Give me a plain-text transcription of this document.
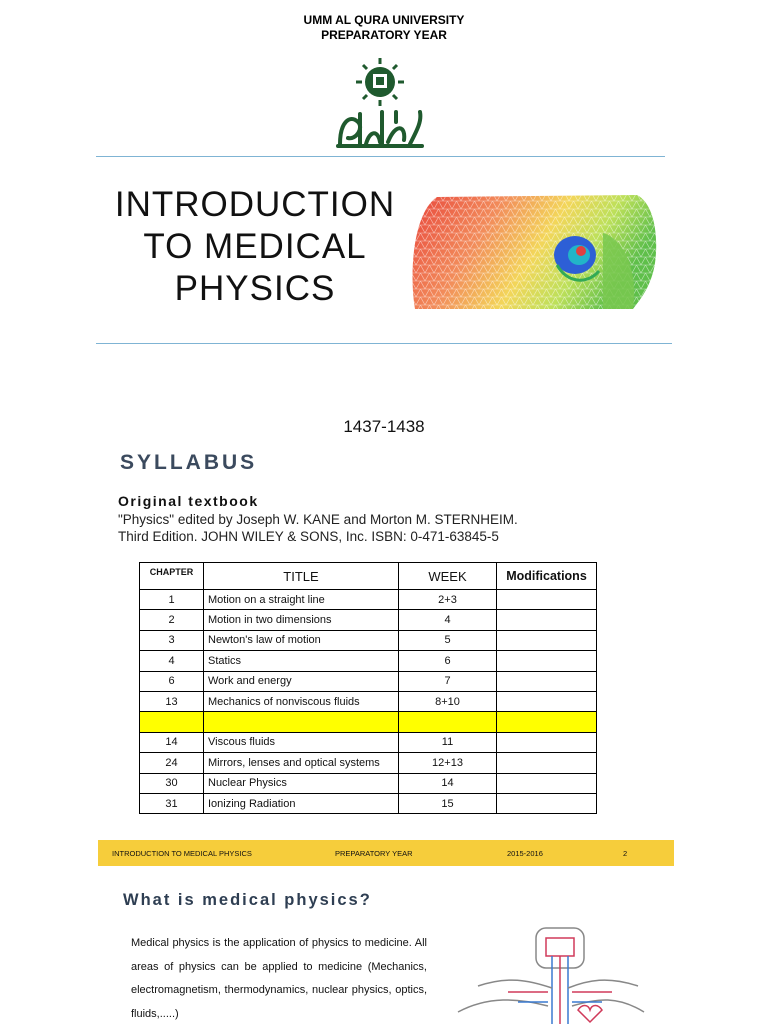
UMM AL QURA UNIVERSITY
PREPARATORY YEAR
INTRODUCTION
TO MEDICAL
PHYSICS
1437-1438
SYLLABUS
Original textbook
"Physics" edited by Joseph W. KANE and Morton M. STERNHEIM.
Third Edition. JOHN WILEY & SONS, Inc. ISBN: 0-471-63845-5
CHAPTER	TITLE	WEEK	Modifications
1	Motion on a straight line	2+3	
2	Motion in two dimensions	4	
3	Newton's law of motion	5	
4	Statics	6	
6	Work and energy	7	
13	Mechanics of nonviscous fluids	8+10	

14	Viscous fluids	11	
24	Mirrors, lenses and optical systems	12+13	
30	Nuclear Physics	14	
31	Ionizing Radiation	15	
INTRODUCTION TO MEDICAL PHYSICS	PREPARATORY YEAR	2015-2016	2
What is medical physics?
Medical physics is the application of physics to medicine. All areas of physics can be applied to medicine (Mechanics, electromagnetism, thermodynamics, nuclear physics, optics, fluids,.....)
